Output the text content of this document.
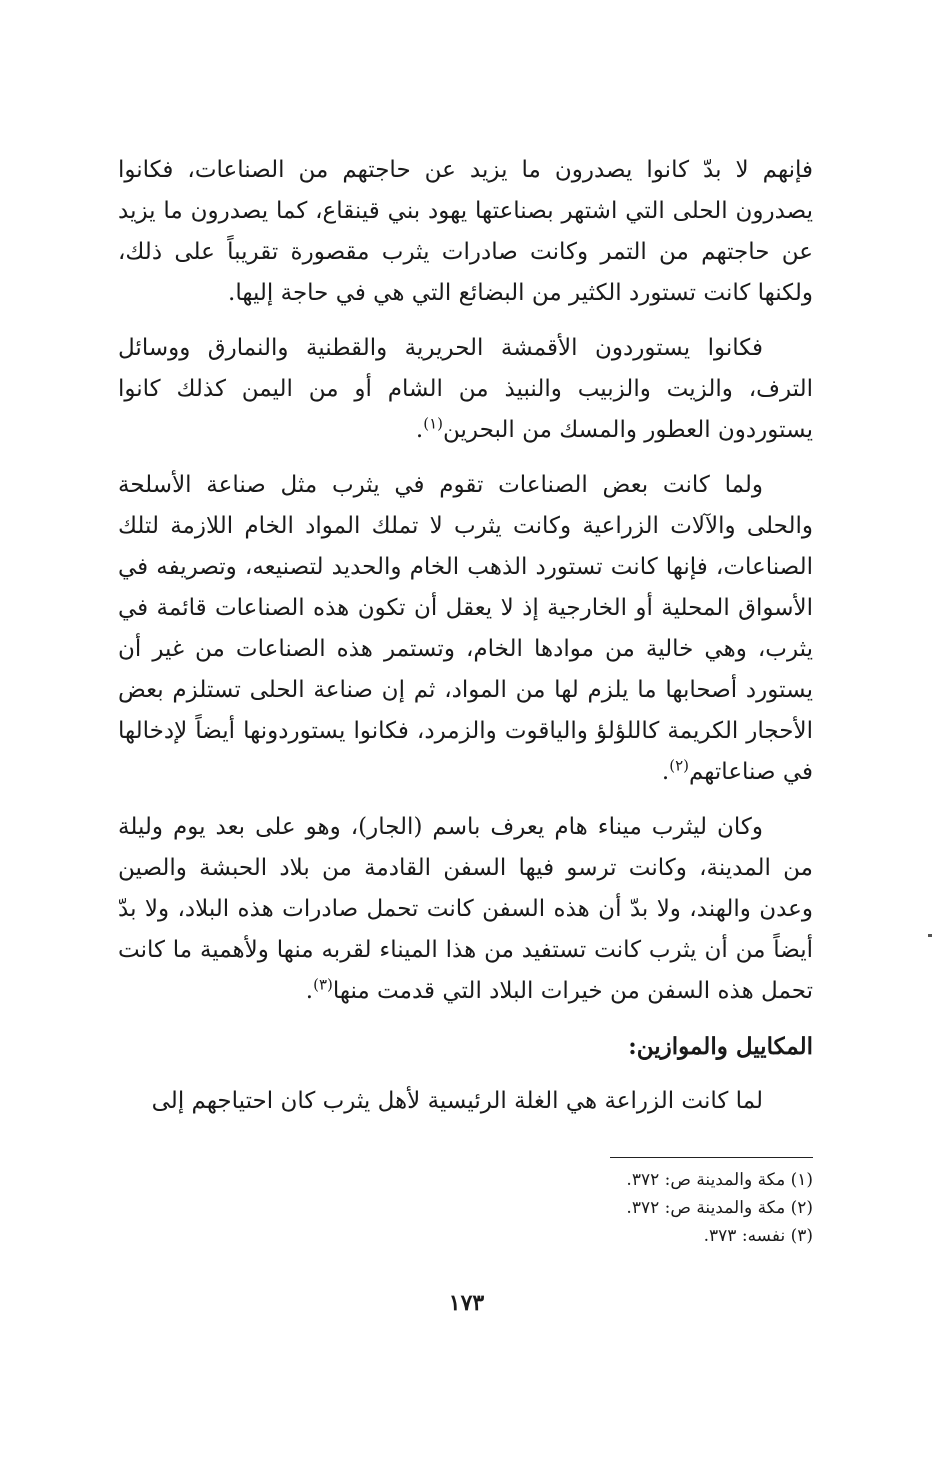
فإنهم لا بدّ كانوا يصدرون ما يزيد عن حاجتهم من الصناعات، فكانوا يصدرون الحلى التي اشتهر بصناعتها يهود بني قينقاع، كما يصدرون ما يزيد عن حاجتهم من التمر وكانت صادرات يثرب مقصورة تقريباً على ذلك، ولكنها كانت تستورد الكثير من البضائع التي هي في حاجة إليها.

فكانوا يستوردون الأقمشة الحريرية والقطنية والنمارق ووسائل الترف، والزيت والزبيب والنبيذ من الشام أو من اليمن كذلك كانوا يستوردون العطور والمسك من البحرين$^{(١)}$.

ولما كانت بعض الصناعات تقوم في يثرب مثل صناعة الأسلحة والحلى والآلات الزراعية وكانت يثرب لا تملك المواد الخام اللازمة لتلك الصناعات، فإنها كانت تستورد الذهب الخام والحديد لتصنيعه، وتصريفه في الأسواق المحلية أو الخارجية إذ لا يعقل أن تكون هذه الصناعات قائمة في يثرب، وهي خالية من موادها الخام، وتستمر هذه الصناعات من غير أن يستورد أصحابها ما يلزم لها من المواد، ثم إن صناعة الحلى تستلزم بعض الأحجار الكريمة كاللؤلؤ والياقوت والزمرد، فكانوا يستوردونها أيضاً لإدخالها في صناعاتهم$^{(٢)}$.

وكان ليثرب ميناء هام يعرف باسم (الجار)، وهو على بعد يوم وليلة من المدينة، وكانت ترسو فيها السفن القادمة من بلاد الحبشة والصين وعدن والهند، ولا بدّ أن هذه السفن كانت تحمل صادرات هذه البلاد، ولا بدّ أيضاً من أن يثرب كانت تستفيد من هذا الميناء لقربه منها ولأهمية ما كانت تحمل هذه السفن من خيرات البلاد التي قدمت منها$^{(٣)}$.

المكاييل والموازين:

لما كانت الزراعة هي الغلة الرئيسية لأهل يثرب كان احتياجهم إلى

(١) مكة والمدينة ص: ٣٧٢.

(٢) مكة والمدينة ص: ٣٧٢.

(٣) نفسه: ٣٧٣.

١٧٣
